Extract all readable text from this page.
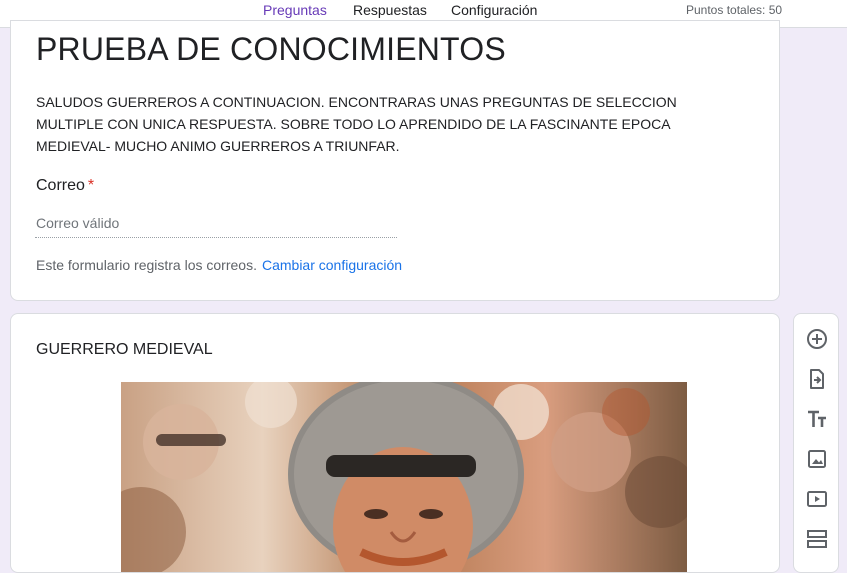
Preguntas Respuestas Configuración	Puntos totales: 50
PRUEBA DE CONOCIMIENTOS
SALUDOS GUERREROS A CONTINUACION. ENCONTRARAS UNAS PREGUNTAS DE SELECCION MULTIPLE CON UNICA RESPUESTA. SOBRE TODO LO APRENDIDO DE LA FASCINANTE EPOCA MEDIEVAL- MUCHO ANIMO GUERREROS A TRIUNFAR.
Correo *
Correo válido
Este formulario registra los correos. Cambiar configuración
GUERRERO MEDIEVAL
